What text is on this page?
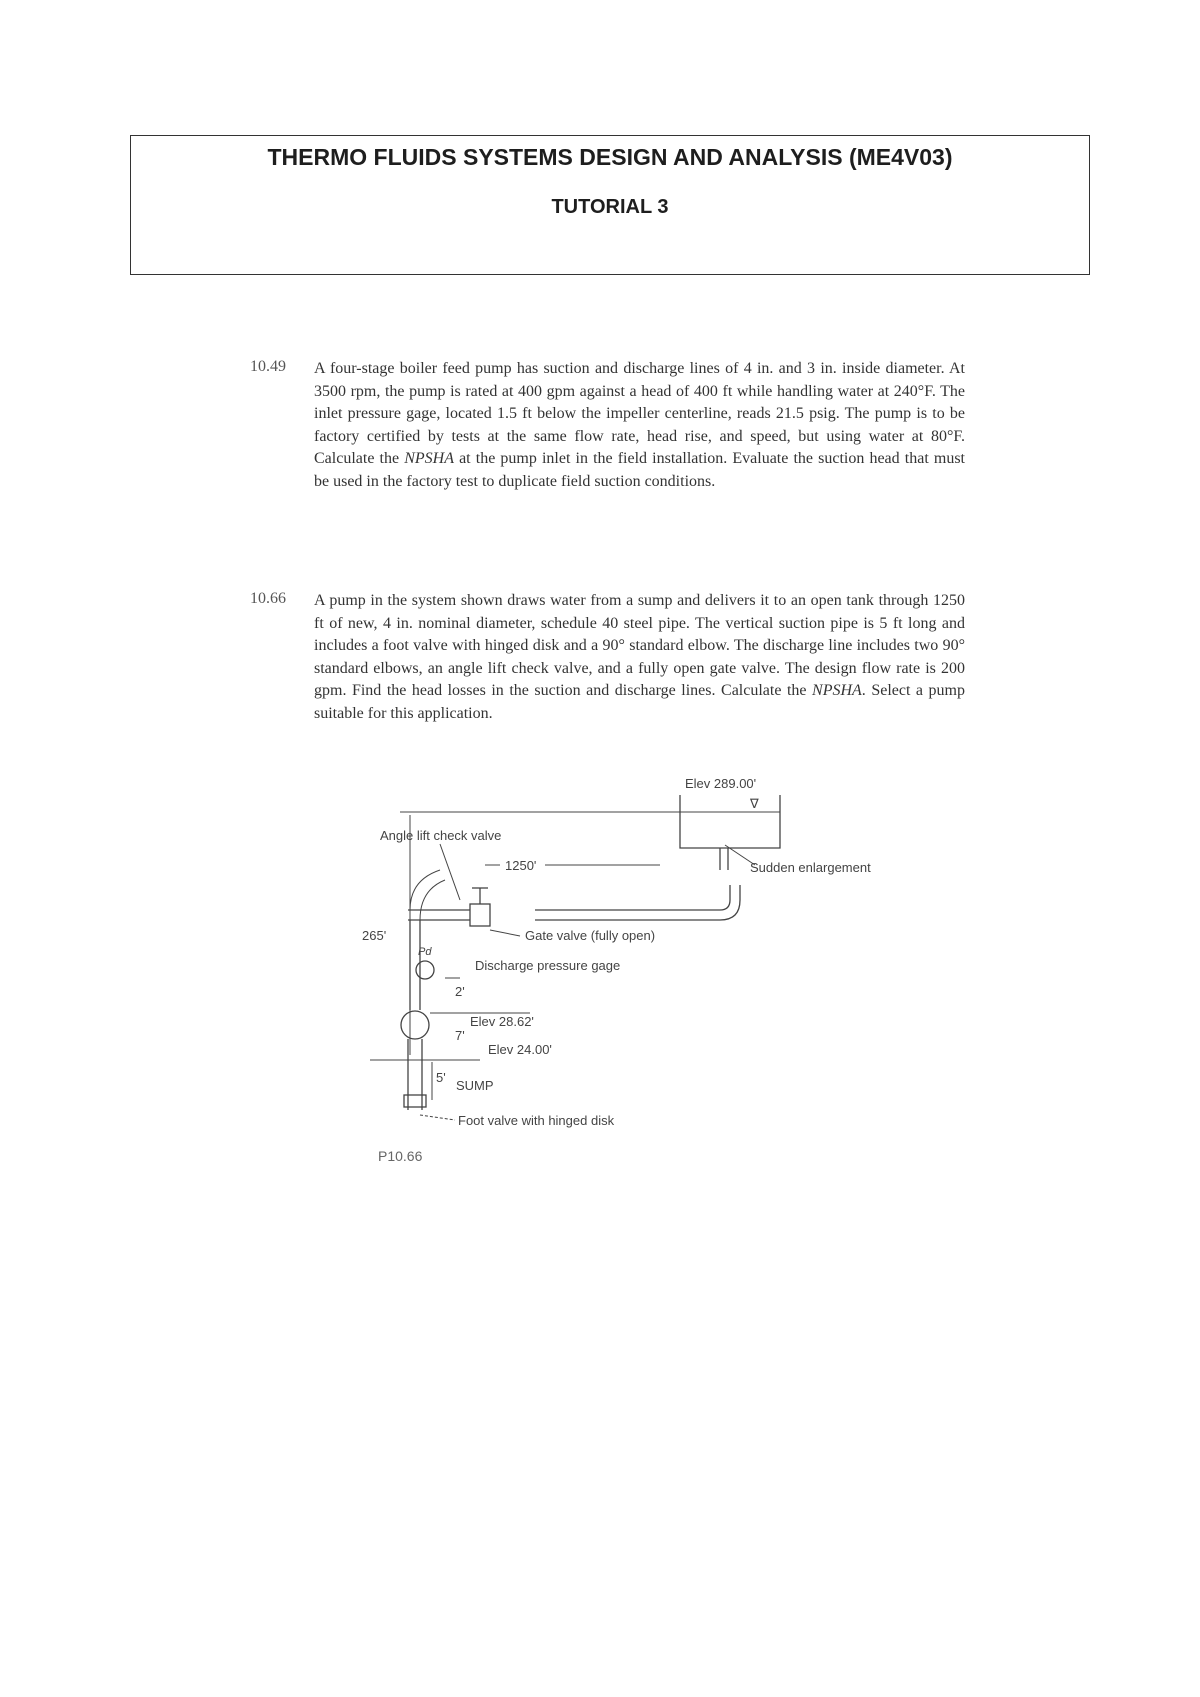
THERMO FLUIDS SYSTEMS DESIGN AND ANALYSIS (ME4V03)
TUTORIAL 3
10.49 A four-stage boiler feed pump has suction and discharge lines of 4 in. and 3 in. inside diameter. At 3500 rpm, the pump is rated at 400 gpm against a head of 400 ft while handling water at 240°F. The inlet pressure gage, located 1.5 ft below the impeller centerline, reads 21.5 psig. The pump is to be factory certified by tests at the same flow rate, head rise, and speed, but using water at 80°F. Calculate the NPSHA at the pump inlet in the field installation. Evaluate the suction head that must be used in the factory test to duplicate field suction conditions.
10.66 A pump in the system shown draws water from a sump and delivers it to an open tank through 1250 ft of new, 4 in. nominal diameter, schedule 40 steel pipe. The vertical suction pipe is 5 ft long and includes a foot valve with hinged disk and a 90° standard elbow. The discharge line includes two 90° standard elbows, an angle lift check valve, and a fully open gate valve. The design flow rate is 200 gpm. Find the head losses in the suction and discharge lines. Calculate the NPSHA. Select a pump suitable for this application.
Elev 289.00'
∇
265'
Angle lift check valve
1250'	Sudden enlargement
Gate valve (fully open)
Pd
Discharge pressure gage
2'
Elev 28.62'
7'
Elev 24.00'
5'
SUMP
Foot valve with hinged disk
P10.66
